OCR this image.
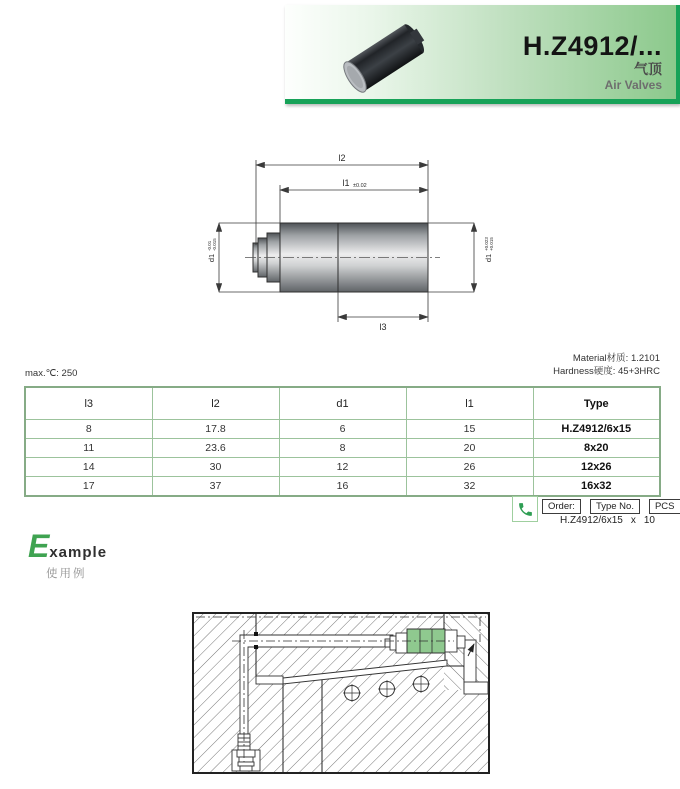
H.Z4912/...
气顶
Air Valves
l2
l1 ±0.02
l3
d1
-0.01 -0.015
d1
+0.023 +0.015
max.℃: 250
Material材质: 1.2101
Hardness硬度: 45+3HRC
l3	l2	d1	l1	Type
8	17.8	6	15	H.Z4912/6x15
11	23.6	8	20	8x20
14	30	12	26	12x26
17	37	16	32	16x32
Order:	Type No.	PCS
H.Z4912/6x15 x 10
Example
使用例
